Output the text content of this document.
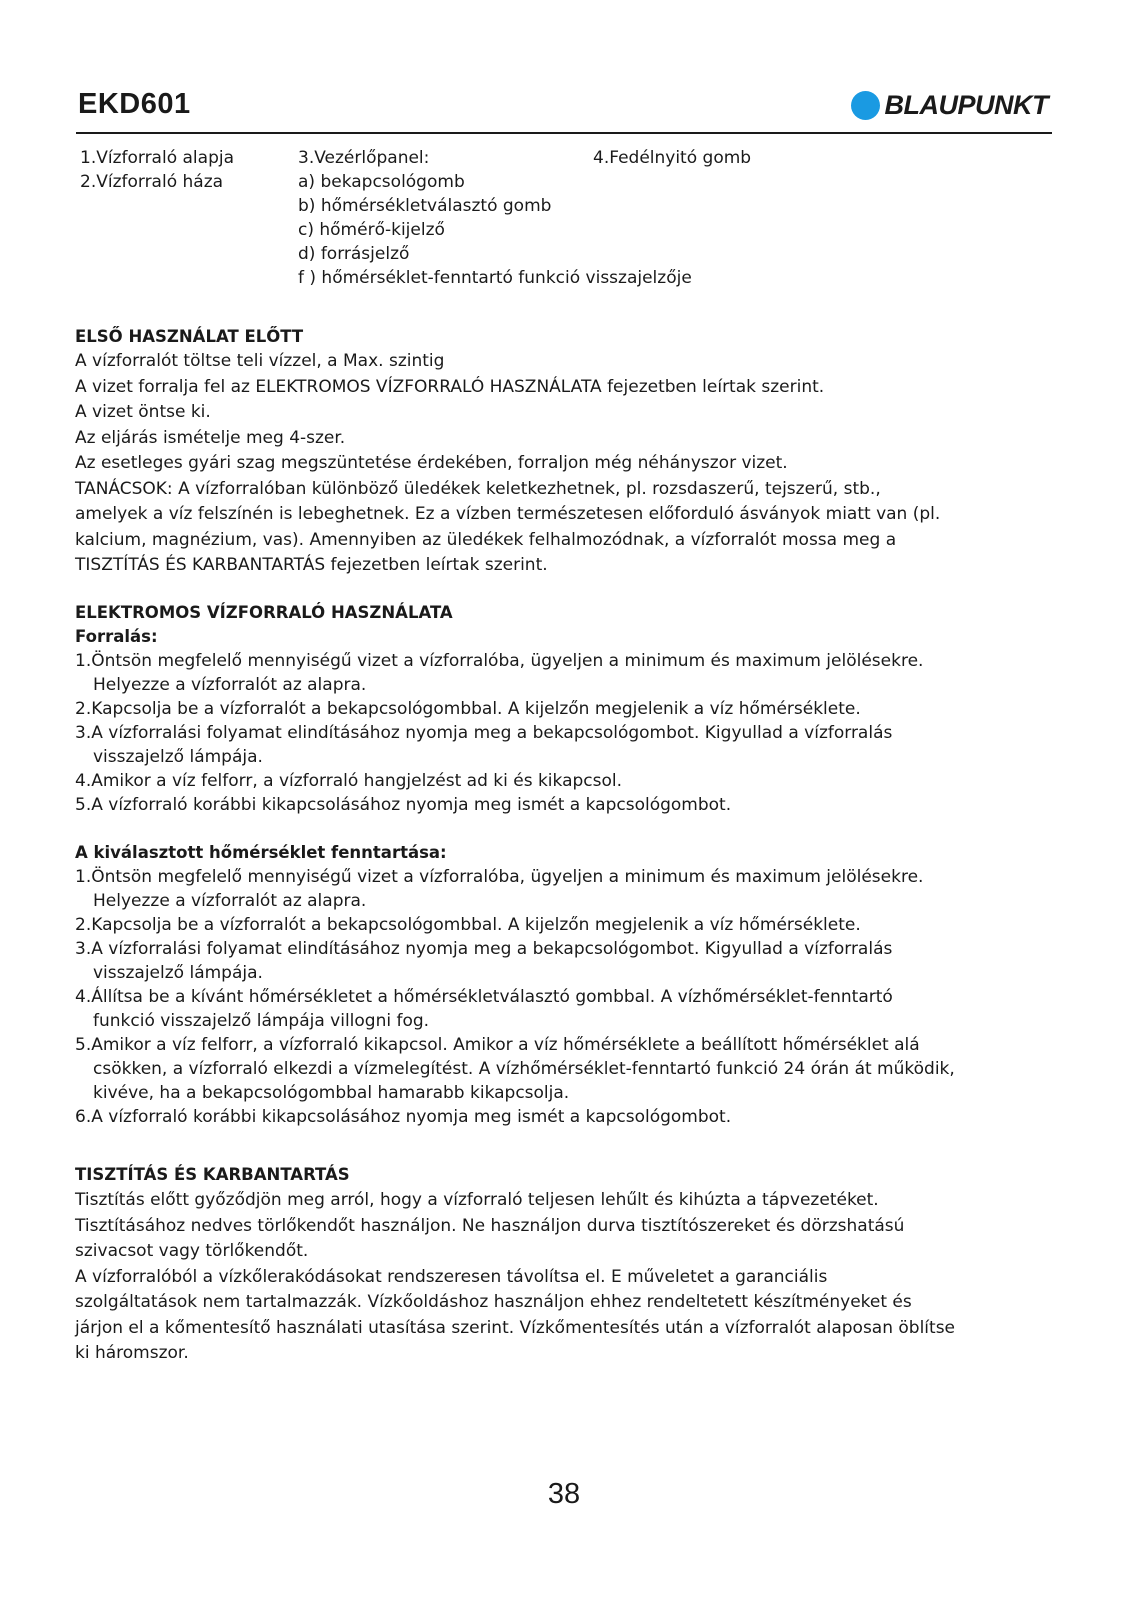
EKD601	BLAUPUNKT
1.Vízforraló alapja
2.Vízforraló háza
3.Vezérlőpanel:
a) bekapcsológomb
b) hőmérsékletválasztó gomb
c) hőmérő-kijelző
d) forrásjelző
f ) hőmérséklet-fenntartó funkció visszajelzője
4.Fedélnyitó gomb
ELSŐ HASZNÁLAT ELŐTT
A vízforralót töltse teli vízzel, a Max. szintig
A vizet forralja fel az ELEKTROMOS VÍZFORRALÓ HASZNÁLATA fejezetben leírtak szerint.
A vizet öntse ki.
Az eljárás ismételje meg 4-szer.
Az esetleges gyári szag megszüntetése érdekében, forraljon még néhányszor vizet.
TANÁCSOK: A vízforralóban különböző üledékek keletkezhetnek, pl. rozsdaszerű, tejszerű, stb.,
amelyek a víz felszínén is lebeghetnek. Ez a vízben természetesen előforduló ásványok miatt van (pl.
kalcium, magnézium, vas). Amennyiben az üledékek felhalmozódnak, a vízforralót mossa meg a
TISZTÍTÁS ÉS KARBANTARTÁS fejezetben leírtak szerint.
ELEKTROMOS VÍZFORRALÓ HASZNÁLATA
Forralás:
1.Öntsön megfelelő mennyiségű vizet a vízforralóba, ügyeljen a minimum és maximum jelölésekre.
Helyezze a vízforralót az alapra.
2.Kapcsolja be a vízforralót a bekapcsológombbal. A kijelzőn megjelenik a víz hőmérséklete.
3.A vízforralási folyamat elindításához nyomja meg a bekapcsológombot. Kigyullad a vízforralás
visszajelző lámpája.
4.Amikor a víz felforr, a vízforraló hangjelzést ad ki és kikapcsol.
5.A vízforraló korábbi kikapcsolásához nyomja meg ismét a kapcsológombot.
A kiválasztott hőmérséklet fenntartása:
1.Öntsön megfelelő mennyiségű vizet a vízforralóba, ügyeljen a minimum és maximum jelölésekre.
Helyezze a vízforralót az alapra.
2.Kapcsolja be a vízforralót a bekapcsológombbal. A kijelzőn megjelenik a víz hőmérséklete.
3.A vízforralási folyamat elindításához nyomja meg a bekapcsológombot. Kigyullad a vízforralás
visszajelző lámpája.
4.Állítsa be a kívánt hőmérsékletet a hőmérsékletválasztó gombbal. A vízhőmérséklet-fenntartó
funkció visszajelző lámpája villogni fog.
5.Amikor a víz felforr, a vízforraló kikapcsol. Amikor a víz hőmérséklete a beállított hőmérséklet alá
csökken, a vízforraló elkezdi a vízmelegítést. A vízhőmérséklet-fenntartó funkció 24 órán át működik,
kivéve, ha a bekapcsológombbal hamarabb kikapcsolja.
6.A vízforraló korábbi kikapcsolásához nyomja meg ismét a kapcsológombot.
TISZTÍTÁS ÉS KARBANTARTÁS
Tisztítás előtt győződjön meg arról, hogy a vízforraló teljesen lehűlt és kihúzta a tápvezetéket.
Tisztításához nedves törlőkendőt használjon. Ne használjon durva tisztítószereket és dörzshatású
szivacsot vagy törlőkendőt.
A vízforralóból a vízkőlerakódásokat rendszeresen távolítsa el. E műveletet a garanciális
szolgáltatások nem tartalmazzák. Vízkőoldáshoz használjon ehhez rendeltetett készítményeket és
járjon el a kőmentesítő használati utasítása szerint. Vízkőmentesítés után a vízforralót alaposan öblítse
ki háromszor.
38
